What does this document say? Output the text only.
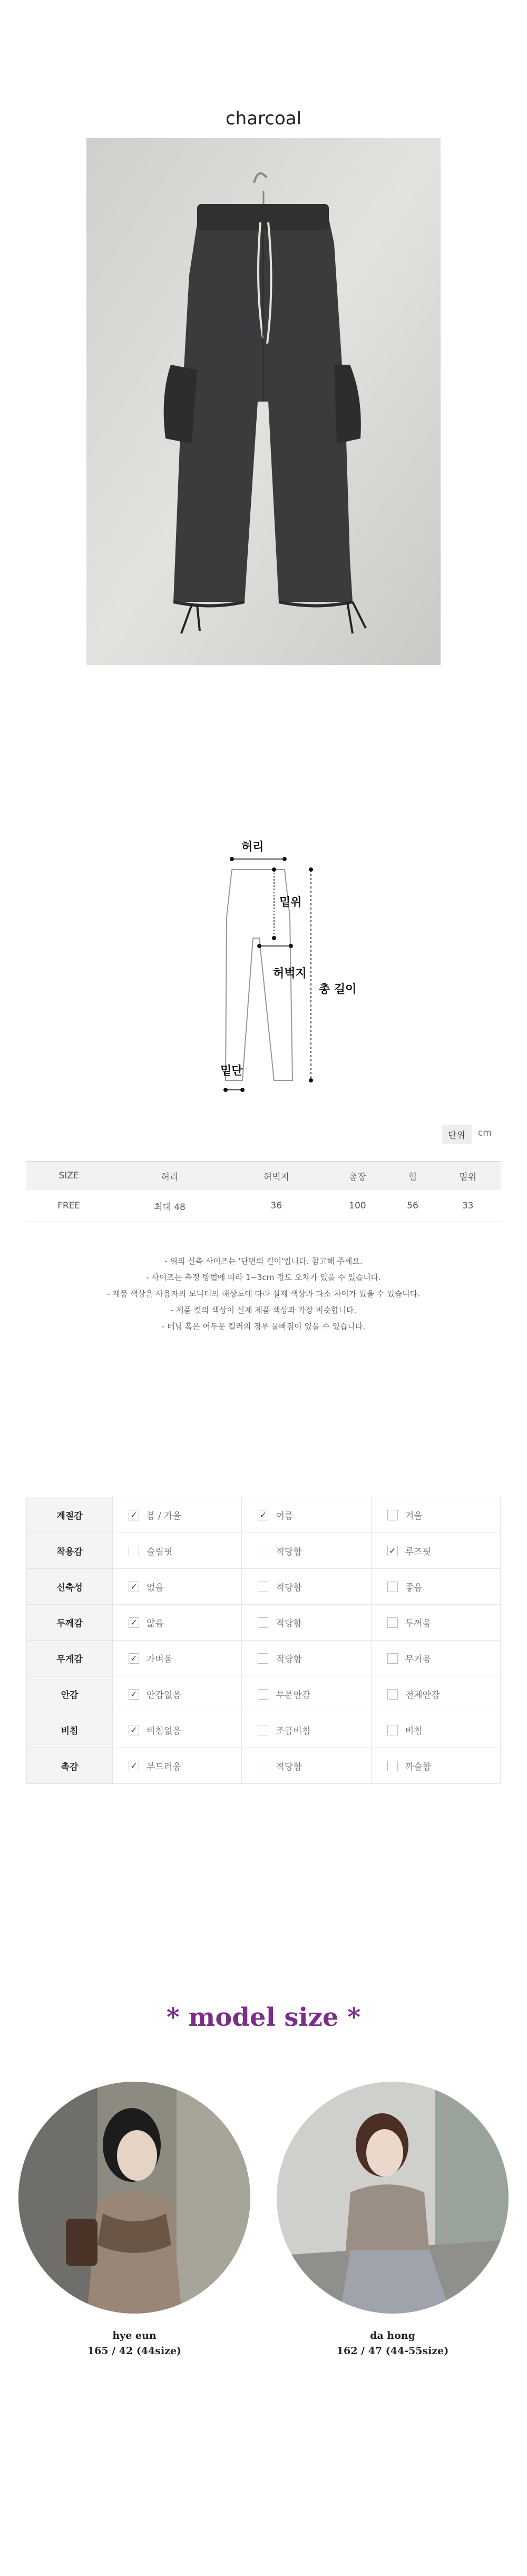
charcoal
허리
밑위
허벅지
총 길이
밑단
단위	cm
SIZE	허리	허벅지	총장	힙	밑위
FREE	최대 48	36	100	56	33
- 위의 실측 사이즈는 '단면의 길이'입니다. 참고해 주세요.
- 사이즈는 측정 방법에 따라 1~3cm 정도 오차가 있을 수 있습니다.
- 제품 색상은 사용자의 모니터의 해상도에 따라 실제 색상과 다소 차이가 있을 수 있습니다.
- 제품 컷의 색상이 실제 제품 색상과 가장 비슷합니다.
- 데님 혹은 어두운 컬러의 경우 물빠짐이 있을 수 있습니다.
계절감	✓ 봄 / 가을	✓ 여름	겨울
착용감	슬림핏	적당함	✓ 루즈핏
신축성	✓ 없음	적당함	좋음
두께감	✓ 얇음	적당함	두꺼움
무게감	✓ 가벼움	적당함	무거움
안감	✓ 안감없음	부분안감	전체안감
비침	✓ 비침없음	조금비침	비침
촉감	✓ 부드러움	적당함	까슬함
* model size *
hye eun
165 / 42 (44size)
da hong
162 / 47 (44-55size)
